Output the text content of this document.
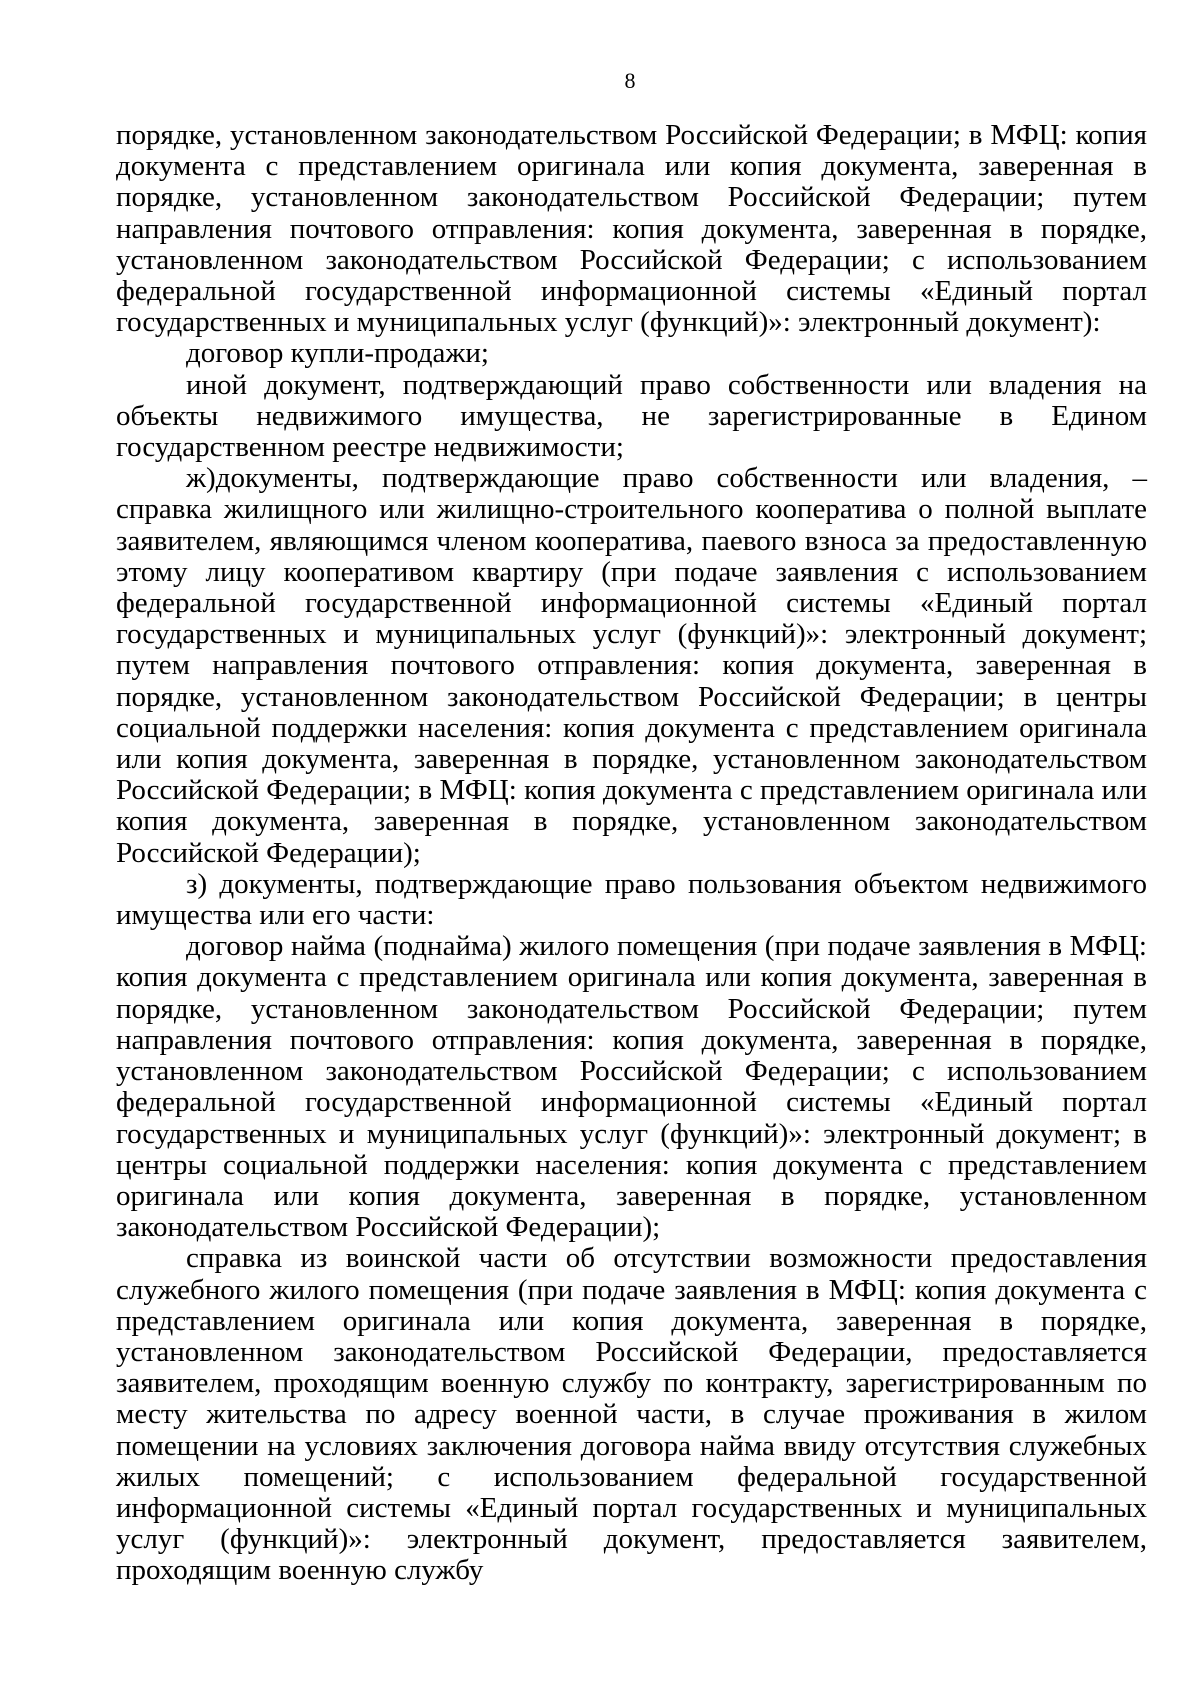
8

порядке, установленном законодательством Российской Федерации; в МФЦ: копия документа с представлением оригинала или копия документа, заверенная в порядке, установленном законодательством Российской Федерации; путем направления почтового отправления: копия документа, заверенная в порядке, установленном законодательством Российской Федерации; с использованием федеральной государственной информационной системы «Единый портал государственных и муниципальных услуг (функций)»: электронный документ):

договор купли-продажи;

иной документ, подтверждающий право собственности или владения на объекты недвижимого имущества, не зарегистрированные в Едином государственном реестре недвижимости;

ж)документы, подтверждающие право собственности или владения, – справка жилищного или жилищно-строительного кооператива о полной выплате заявителем, являющимся членом кооператива, паевого взноса за предоставленную этому лицу кооперативом квартиру (при подаче заявления с использованием федеральной государственной информационной системы «Единый портал государственных и муниципальных услуг (функций)»: электронный документ; путем направления почтового отправления: копия документа, заверенная в порядке, установленном законодательством Российской Федерации; в центры социальной поддержки населения: копия документа с представлением оригинала или копия документа, заверенная в порядке, установленном законодательством Российской Федерации; в МФЦ: копия документа с представлением оригинала или копия документа, заверенная в порядке, установленном законодательством Российской Федерации);

з) документы, подтверждающие право пользования объектом недвижимого имущества или его части:

договор найма (поднайма) жилого помещения (при подаче заявления в МФЦ: копия документа с представлением оригинала или копия документа, заверенная в порядке, установленном законодательством Российской Федерации; путем направления почтового отправления: копия документа, заверенная в порядке, установленном законодательством Российской Федерации; с использованием федеральной государственной информационной системы «Единый портал государственных и муниципальных услуг (функций)»: электронный документ; в центры социальной поддержки населения: копия документа с представлением оригинала или копия документа, заверенная в порядке, установленном законодательством Российской Федерации);

справка из воинской части об отсутствии возможности предоставления служебного жилого помещения (при подаче заявления в МФЦ: копия документа с представлением оригинала или копия документа, заверенная в порядке, установленном законодательством Российской Федерации, предоставляется заявителем, проходящим военную службу по контракту, зарегистрированным по месту жительства по адресу военной части, в случае проживания в жилом помещении на условиях заключения договора найма ввиду отсутствия служебных жилых помещений; с использованием федеральной государственной информационной системы «Единый портал государственных и муниципальных услуг (функций)»: электронный документ, предоставляется заявителем, проходящим военную службу
